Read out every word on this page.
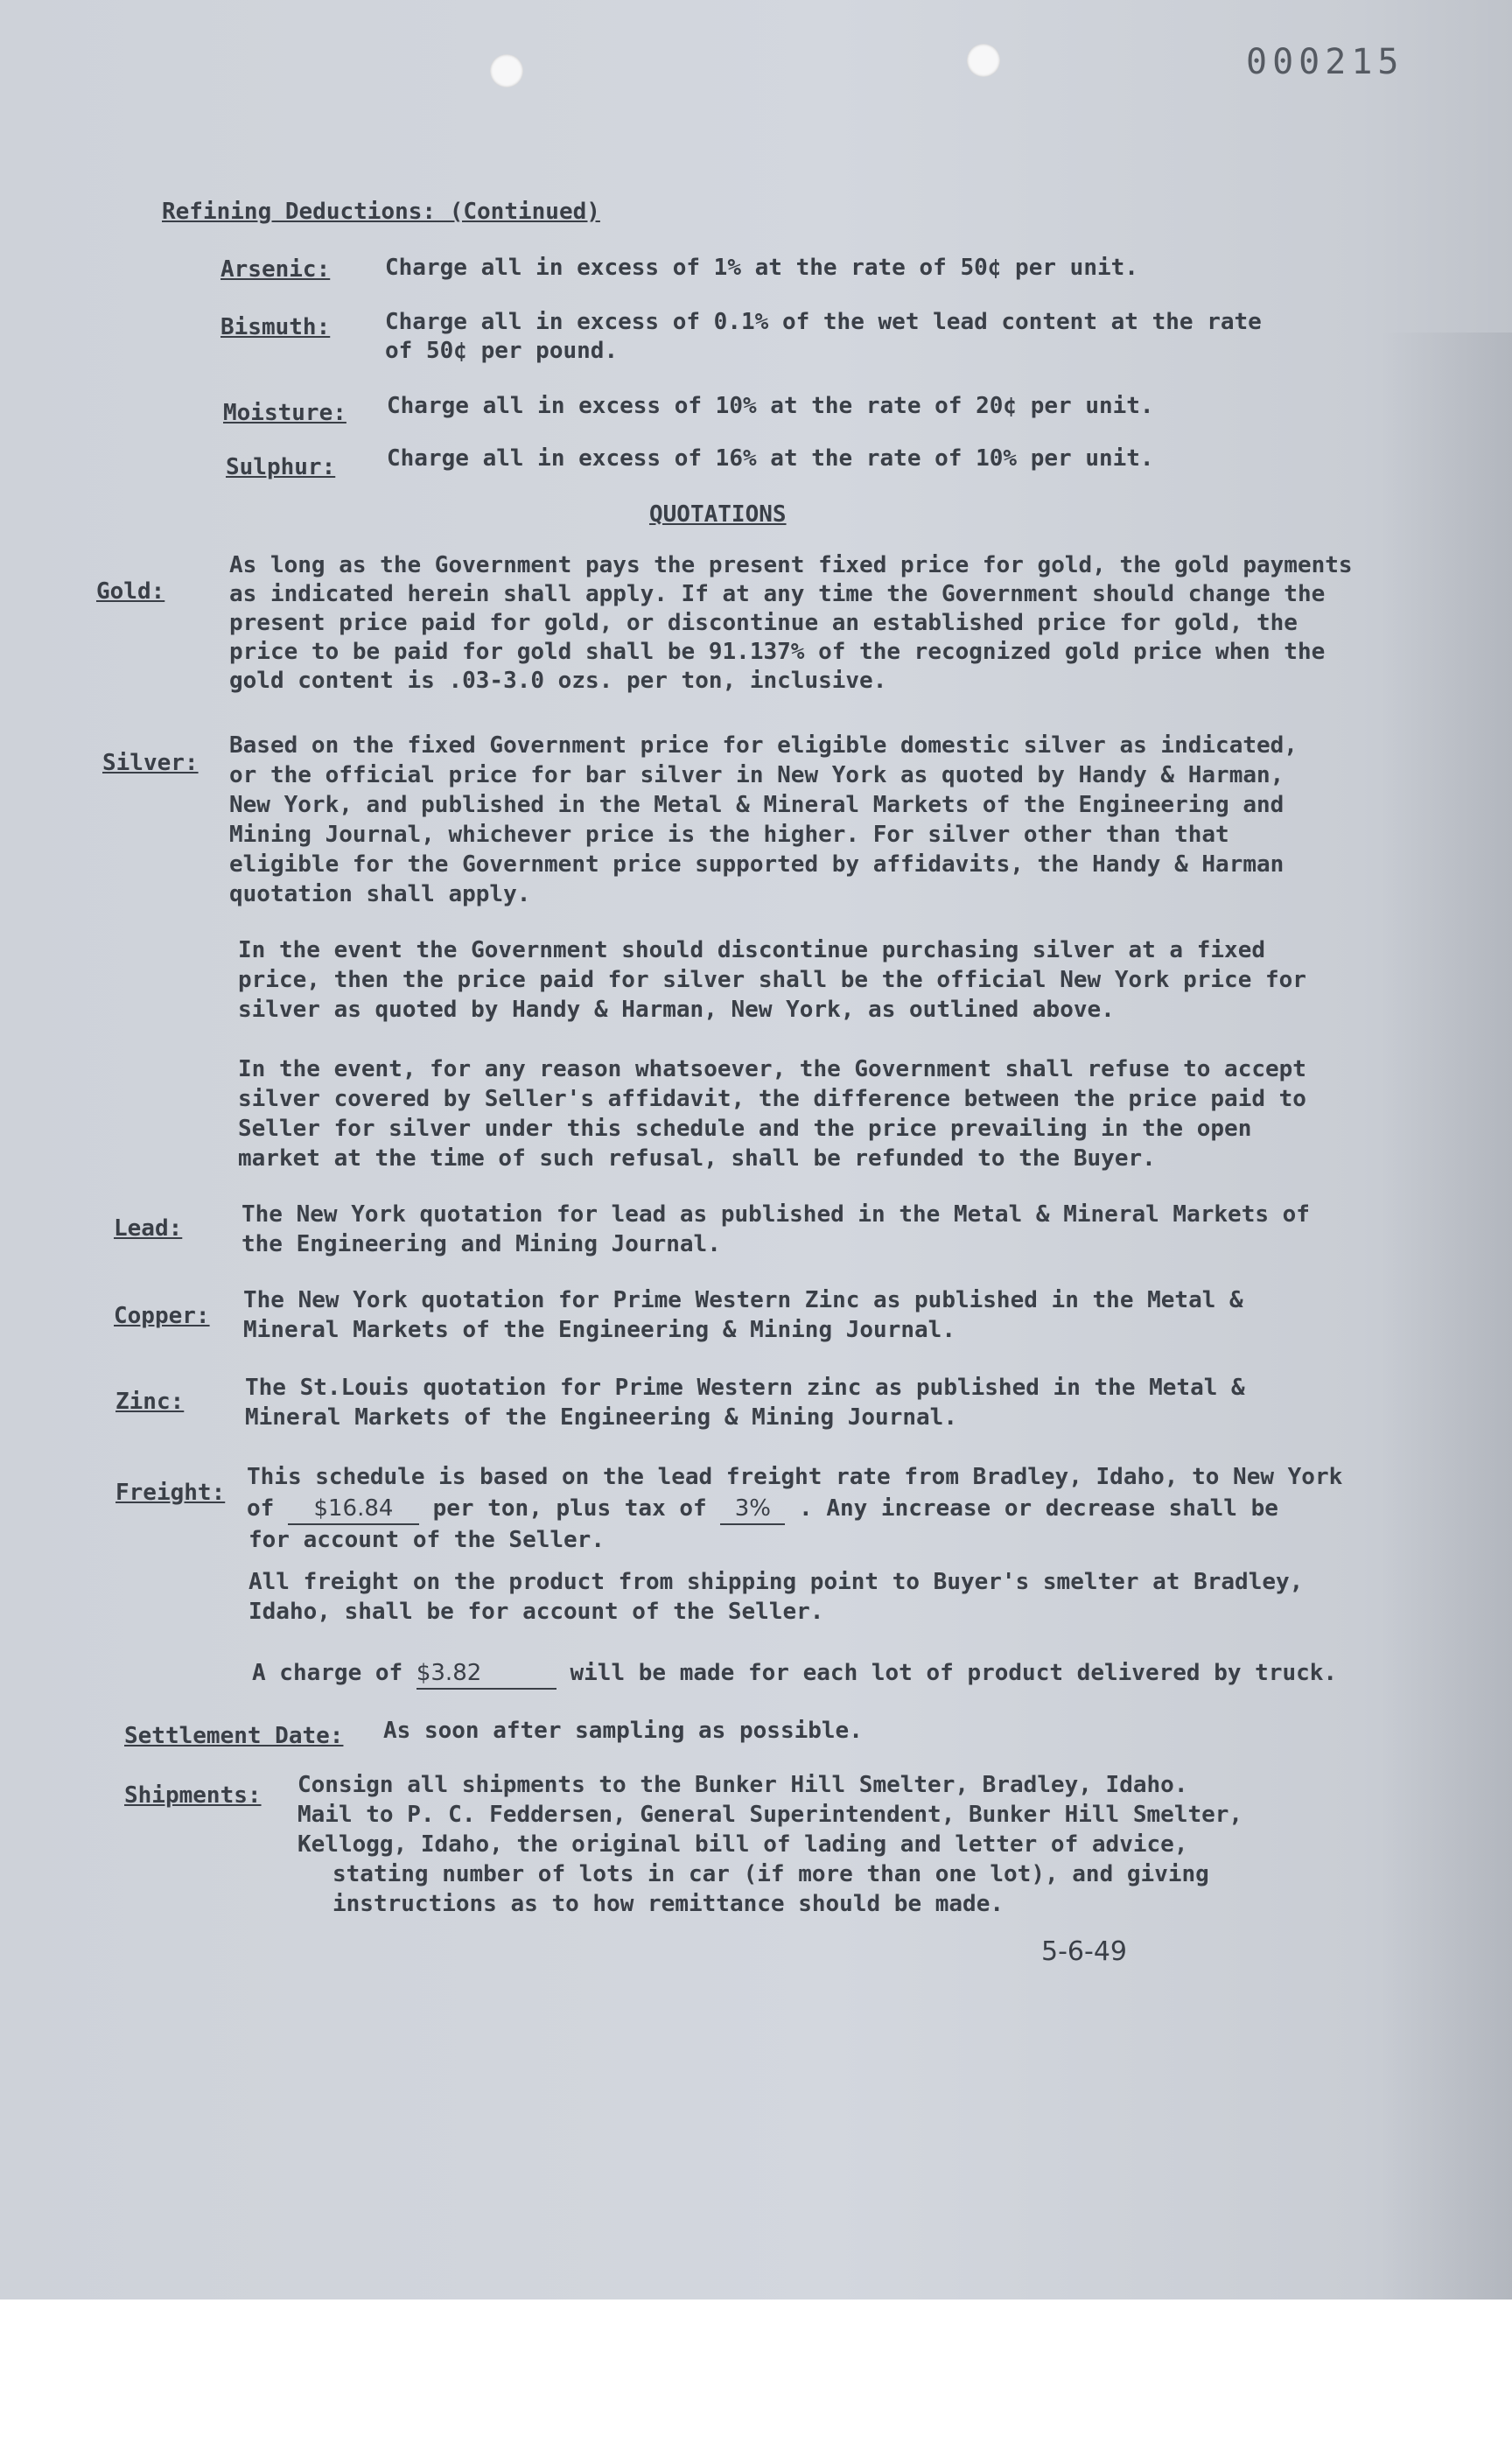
000215
Refining Deductions: (Continued)
Arsenic: Charge all in excess of 1% at the rate of 50¢ per unit.
Bismuth: Charge all in excess of 0.1% of the wet lead content at the rate
of 50¢ per pound.
Moisture: Charge all in excess of 10% at the rate of 20¢ per unit.
Sulphur: Charge all in excess of 16% at the rate of 10% per unit.
QUOTATIONS
Gold:
As long as the Government pays the present fixed price for gold, the gold payments
as indicated herein shall apply. If at any time the Government should change the
present price paid for gold, or discontinue an established price for gold, the
price to be paid for gold shall be 91.137% of the recognized gold price when the
gold content is .03-3.0 ozs. per ton, inclusive.
Silver:
Based on the fixed Government price for eligible domestic silver as indicated,
or the official price for bar silver in New York as quoted by Handy & Harman,
New York, and published in the Metal & Mineral Markets of the Engineering and
Mining Journal, whichever price is the higher. For silver other than that
eligible for the Government price supported by affidavits, the Handy & Harman
quotation shall apply.
In the event the Government should discontinue purchasing silver at a fixed
price, then the price paid for silver shall be the official New York price for
silver as quoted by Handy & Harman, New York, as outlined above.
In the event, for any reason whatsoever, the Government shall refuse to accept
silver covered by Seller's affidavit, the difference between the price paid to
Seller for silver under this schedule and the price prevailing in the open
market at the time of such refusal, shall be refunded to the Buyer.
Lead:
The New York quotation for lead as published in the Metal & Mineral Markets of
the Engineering and Mining Journal.
Copper:
The New York quotation for Prime Western Zinc as published in the Metal &
Mineral Markets of the Engineering & Mining Journal.
Zinc:
The St.Louis quotation for Prime Western zinc as published in the Metal &
Mineral Markets of the Engineering & Mining Journal.
Freight:
This schedule is based on the lead freight rate from Bradley, Idaho, to New York
of $16.84 per ton, plus tax of 3% . Any increase or decrease shall be
for account of the Seller.
All freight on the product from shipping point to Buyer's smelter at Bradley,
Idaho, shall be for account of the Seller.
A charge of $3.82	will be made for each lot of product delivered by truck.
Settlement Date: As soon after sampling as possible.
Shipments: Consign all shipments to the Bunker Hill Smelter, Bradley, Idaho.
Mail to P. C. Feddersen, General Superintendent, Bunker Hill Smelter,
Kellogg, Idaho, the original bill of lading and letter of advice,
stating number of lots in car (if more than one lot), and giving
instructions as to how remittance should be made.
5-6-49
